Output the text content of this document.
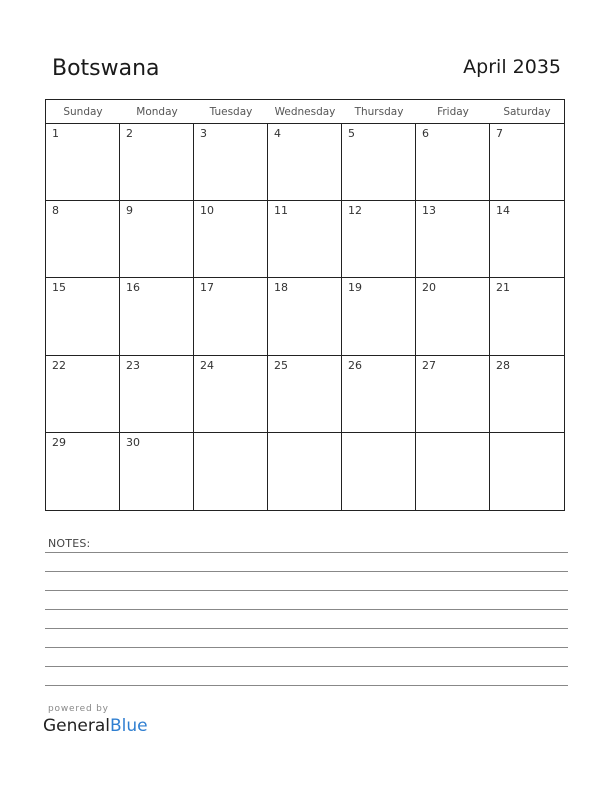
Botswana	April 2035
Sunday	Monday	Tuesday	Wednesday	Thursday	Friday	Saturday
1	2	3	4	5	6	7
8	9	10	11	12	13	14
15	16	17	18	19	20	21
22	23	24	25	26	27	28
29	30
NOTES:
powered by
GeneralBlue
